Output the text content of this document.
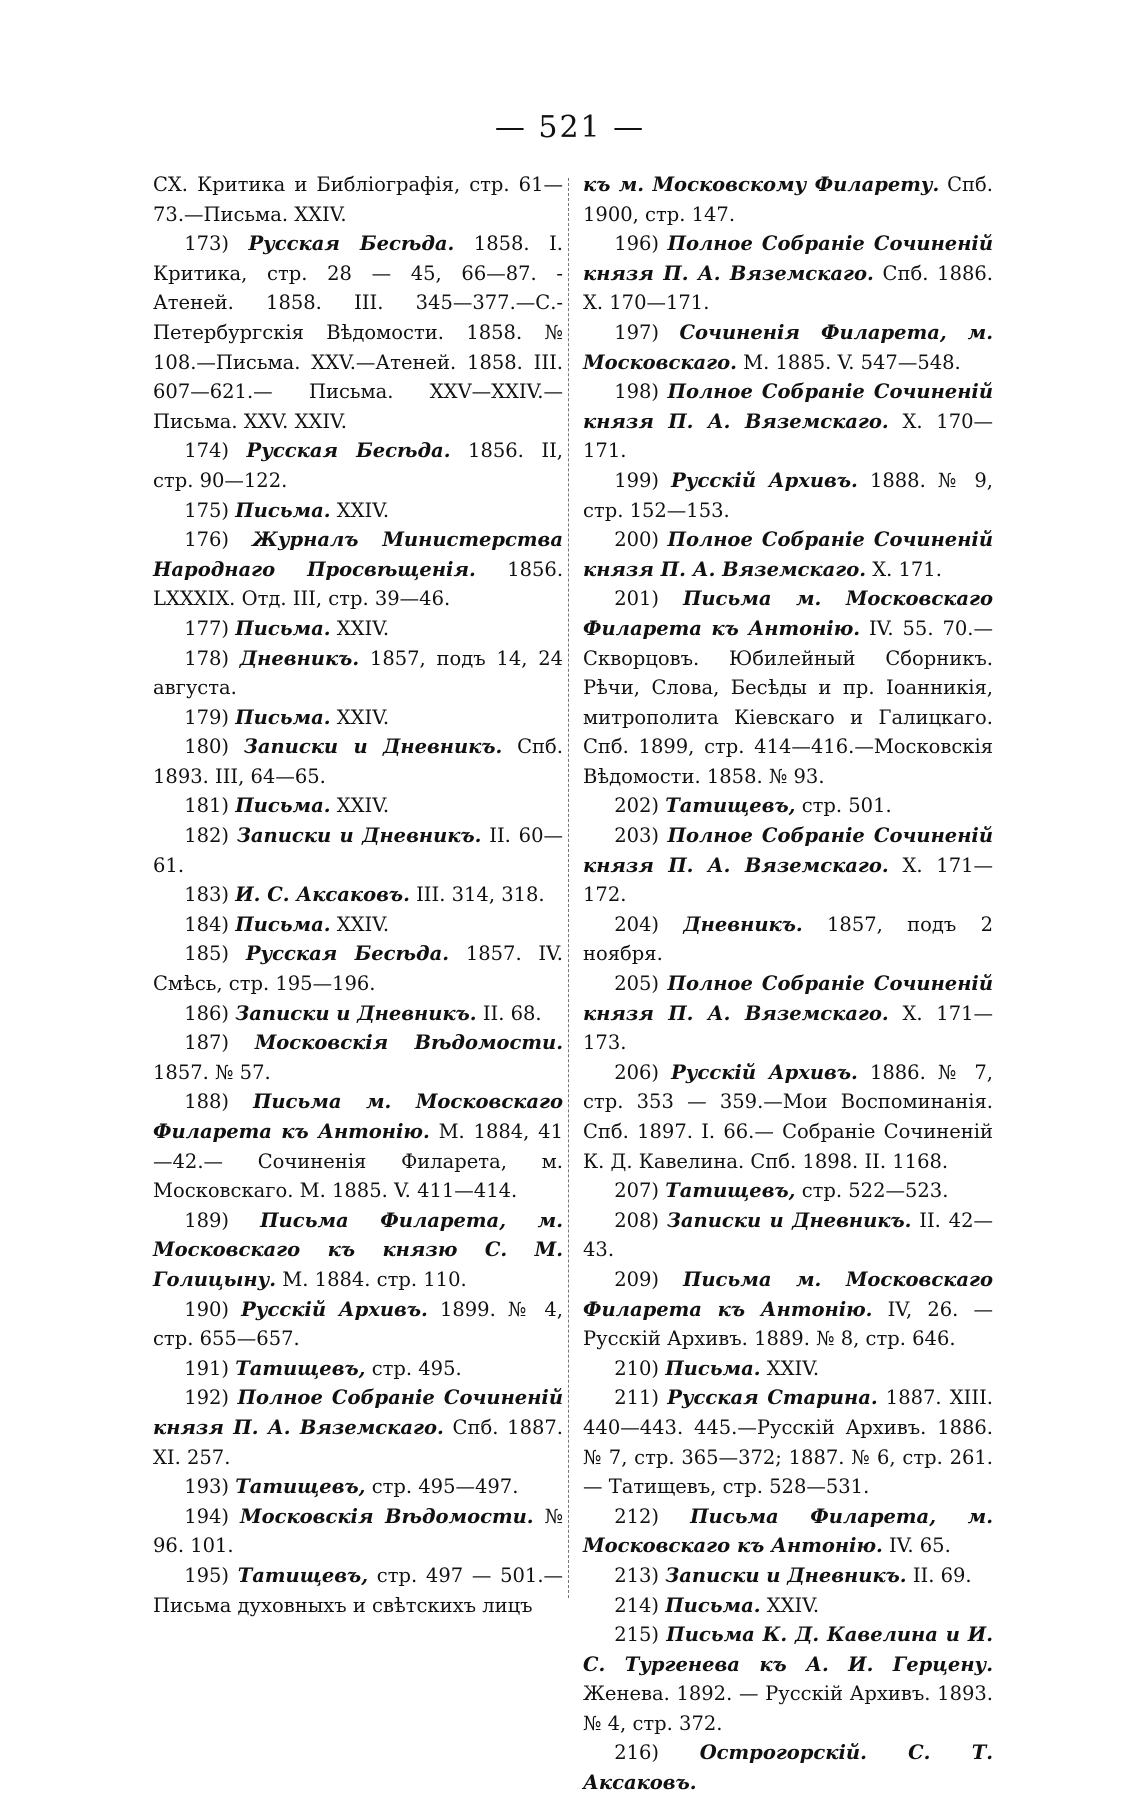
— 521 —

CX. Критика и Библіографія, стр. 61—73.—Письма. XXIV.

173) Русская Бесѣда. 1858. I. Критика, стр. 28 — 45, 66—87. - Атеней. 1858. III. 345—377.—С.-Петербургскія Вѣдомости. 1858. № 108.—Письма. XXV.—Атеней. 1858. III. 607—621.— Письма. XXV—XXIV.—Письма. XXV. XXIV.

174) Русская Бесѣда. 1856. II, стр. 90—122.

175) Письма. XXIV.

176) Журналъ Министерства Народнаго Просвѣщенія. 1856. LXXXIX. Отд. III, стр. 39—46.

177) Письма. XXIV.

178) Дневникъ. 1857, подъ 14, 24 августа.

179) Письма. XXIV.

180) Записки и Дневникъ. Спб. 1893. III, 64—65.

181) Письма. XXIV.

182) Записки и Дневникъ. II. 60—61.

183) И. С. Аксаковъ. III. 314, 318.

184) Письма. XXIV.

185) Русская Бесѣда. 1857. IV. Смѣсь, стр. 195—196.

186) Записки и Дневникъ. II. 68.

187) Московскія Вѣдомости. 1857. № 57.

188) Письма м. Московскаго Филарета къ Антонію. M. 1884, 41—42.— Сочиненія Филарета, м. Московскаго. M. 1885. V. 411—414.

189) Письма Филарета, м. Московскаго къ князю С. М. Голицыну. M. 1884. стр. 110.

190) Русскій Архивъ. 1899. № 4, стр. 655—657.

191) Татищевъ, стр. 495.

192) Полное Собраніе Сочиненій князя П. А. Вяземскаго. Спб. 1887. XI. 257.

193) Татищевъ, стр. 495—497.

194) Московскія Вѣдомости. № 96. 101.

195) Татищевъ, стр. 497 — 501.— Письма духовныхъ и свѣтскихъ лицъ

къ м. Московскому Филарету. Спб. 1900, стр. 147.

196) Полное Собраніе Сочиненій князя П. А. Вяземскаго. Спб. 1886. X. 170—171.

197) Сочиненія Филарета, м. Московскаго. M. 1885. V. 547—548.

198) Полное Собраніе Сочиненій князя П. А. Вяземскаго. X. 170—171.

199) Русскій Архивъ. 1888. № 9, стр. 152—153.

200) Полное Собраніе Сочиненій князя П. А. Вяземскаго. X. 171.

201) Письма м. Московскаго Филарета къ Антонію. IV. 55. 70.—Скворцовъ. Юбилейный Сборникъ. Рѣчи, Слова, Бесѣды и пр. Іоанникія, митрополита Кіевскаго и Галицкаго. Спб. 1899, стр. 414—416.—Московскія Вѣдомости. 1858. № 93.

202) Татищевъ, стр. 501.

203) Полное Собраніе Сочиненій князя П. А. Вяземскаго. X. 171—172.

204) Дневникъ. 1857, подъ 2 ноября.

205) Полное Собраніе Сочиненій князя П. А. Вяземскаго. X. 171—173.

206) Русскій Архивъ. 1886. № 7, стр. 353 — 359.—Мои Воспоминанія. Спб. 1897. I. 66.— Собраніе Сочиненій К. Д. Кавелина. Спб. 1898. II. 1168.

207) Татищевъ, стр. 522—523.

208) Записки и Дневникъ. II. 42—43.

209) Письма м. Московскаго Филарета къ Антонію. IV, 26. — Русскій Архивъ. 1889. № 8, стр. 646.

210) Письма. XXIV.

211) Русская Старина. 1887. XIII. 440—443. 445.—Русскій Архивъ. 1886. № 7, стр. 365—372; 1887. № 6, стр. 261.— Татищевъ, стр. 528—531.

212) Письма Филарета, м. Московскаго къ Антонію. IV. 65.

213) Записки и Дневникъ. II. 69.

214) Письма. XXIV.

215) Письма К. Д. Кавелина и И. С. Тургенева къ А. И. Герцену. Женева. 1892. — Русскій Архивъ. 1893. № 4, стр. 372.

216) Острогорскій. С. Т. Аксаковъ.
